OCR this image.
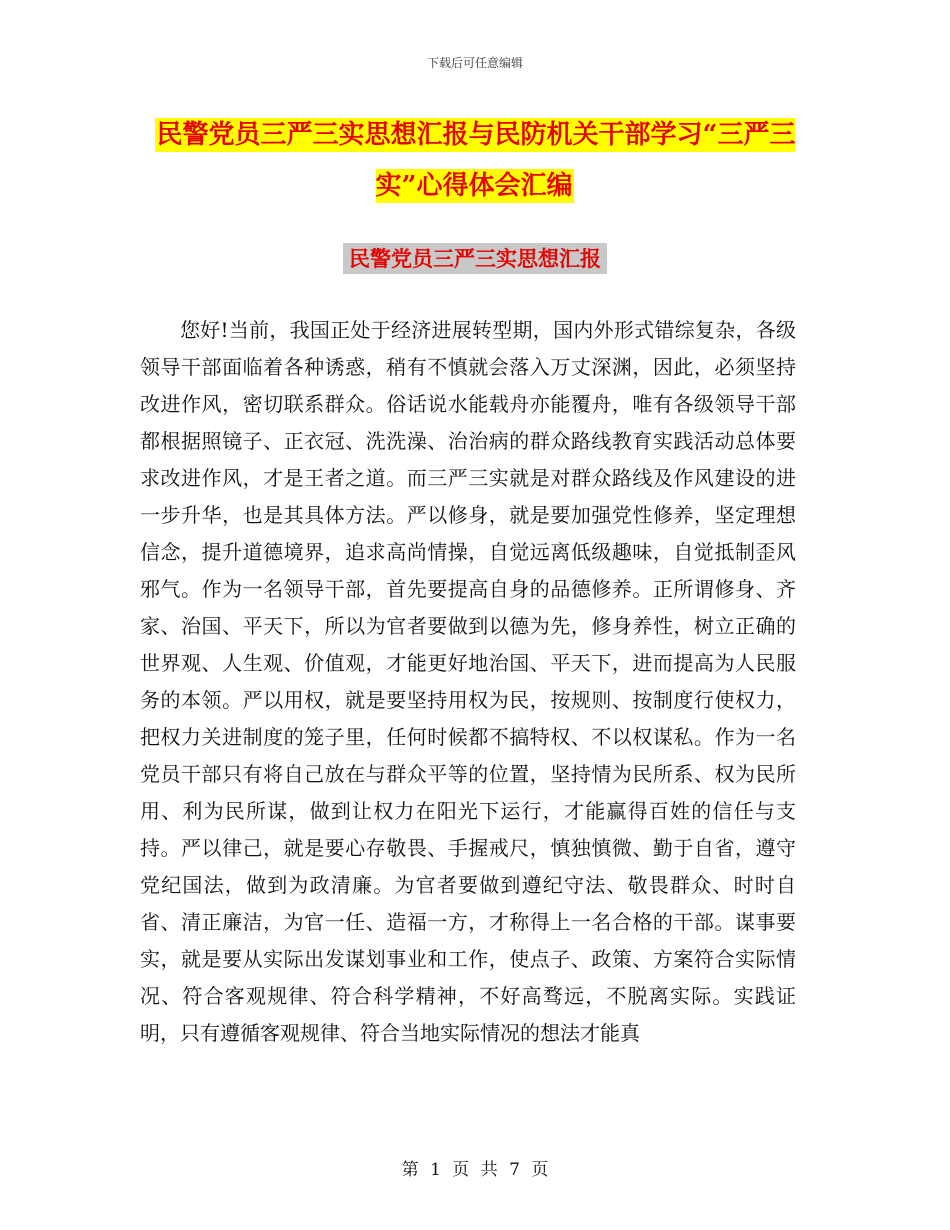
下载后可任意编辑
民警党员三严三实思想汇报与民防机关干部学习“三严三实”心得体会汇编
民警党员三严三实思想汇报

您好!当前，我国正处于经济进展转型期，国内外形式错综复杂，各级领导干部面临着各种诱惑，稍有不慎就会落入万丈深渊，因此，必须坚持改进作风，密切联系群众。俗话说水能载舟亦能覆舟，唯有各级领导干部都根据照镜子、正衣冠、洗洗澡、治治病的群众路线教育实践活动总体要求改进作风，才是王者之道。而三严三实就是对群众路线及作风建设的进一步升华，也是其具体方法。严以修身，就是要加强党性修养，坚定理想信念，提升道德境界，追求高尚情操，自觉远离低级趣味，自觉抵制歪风邪气。作为一名领导干部，首先要提高自身的品德修养。正所谓修身、齐家、治国、平天下，所以为官者要做到以德为先，修身养性，树立正确的世界观、人生观、价值观，才能更好地治国、平天下，进而提高为人民服务的本领。严以用权，就是要坚持用权为民，按规则、按制度行使权力，把权力关进制度的笼子里，任何时候都不搞特权、不以权谋私。作为一名党员干部只有将自己放在与群众平等的位置，坚持情为民所系、权为民所用、利为民所谋，做到让权力在阳光下运行，才能赢得百姓的信任与支持。严以律己，就是要心存敬畏、手握戒尺，慎独慎微、勤于自省，遵守党纪国法，做到为政清廉。为官者要做到遵纪守法、敬畏群众、时时自省、清正廉洁，为官一任、造福一方，才称得上一名合格的干部。谋事要实，就是要从实际出发谋划事业和工作，使点子、政策、方案符合实际情况、符合客观规律、符合科学精神，不好高骛远，不脱离实际。实践证明，只有遵循客观规律、符合当地实际情况的想法才能真

第 1 页 共 7 页
